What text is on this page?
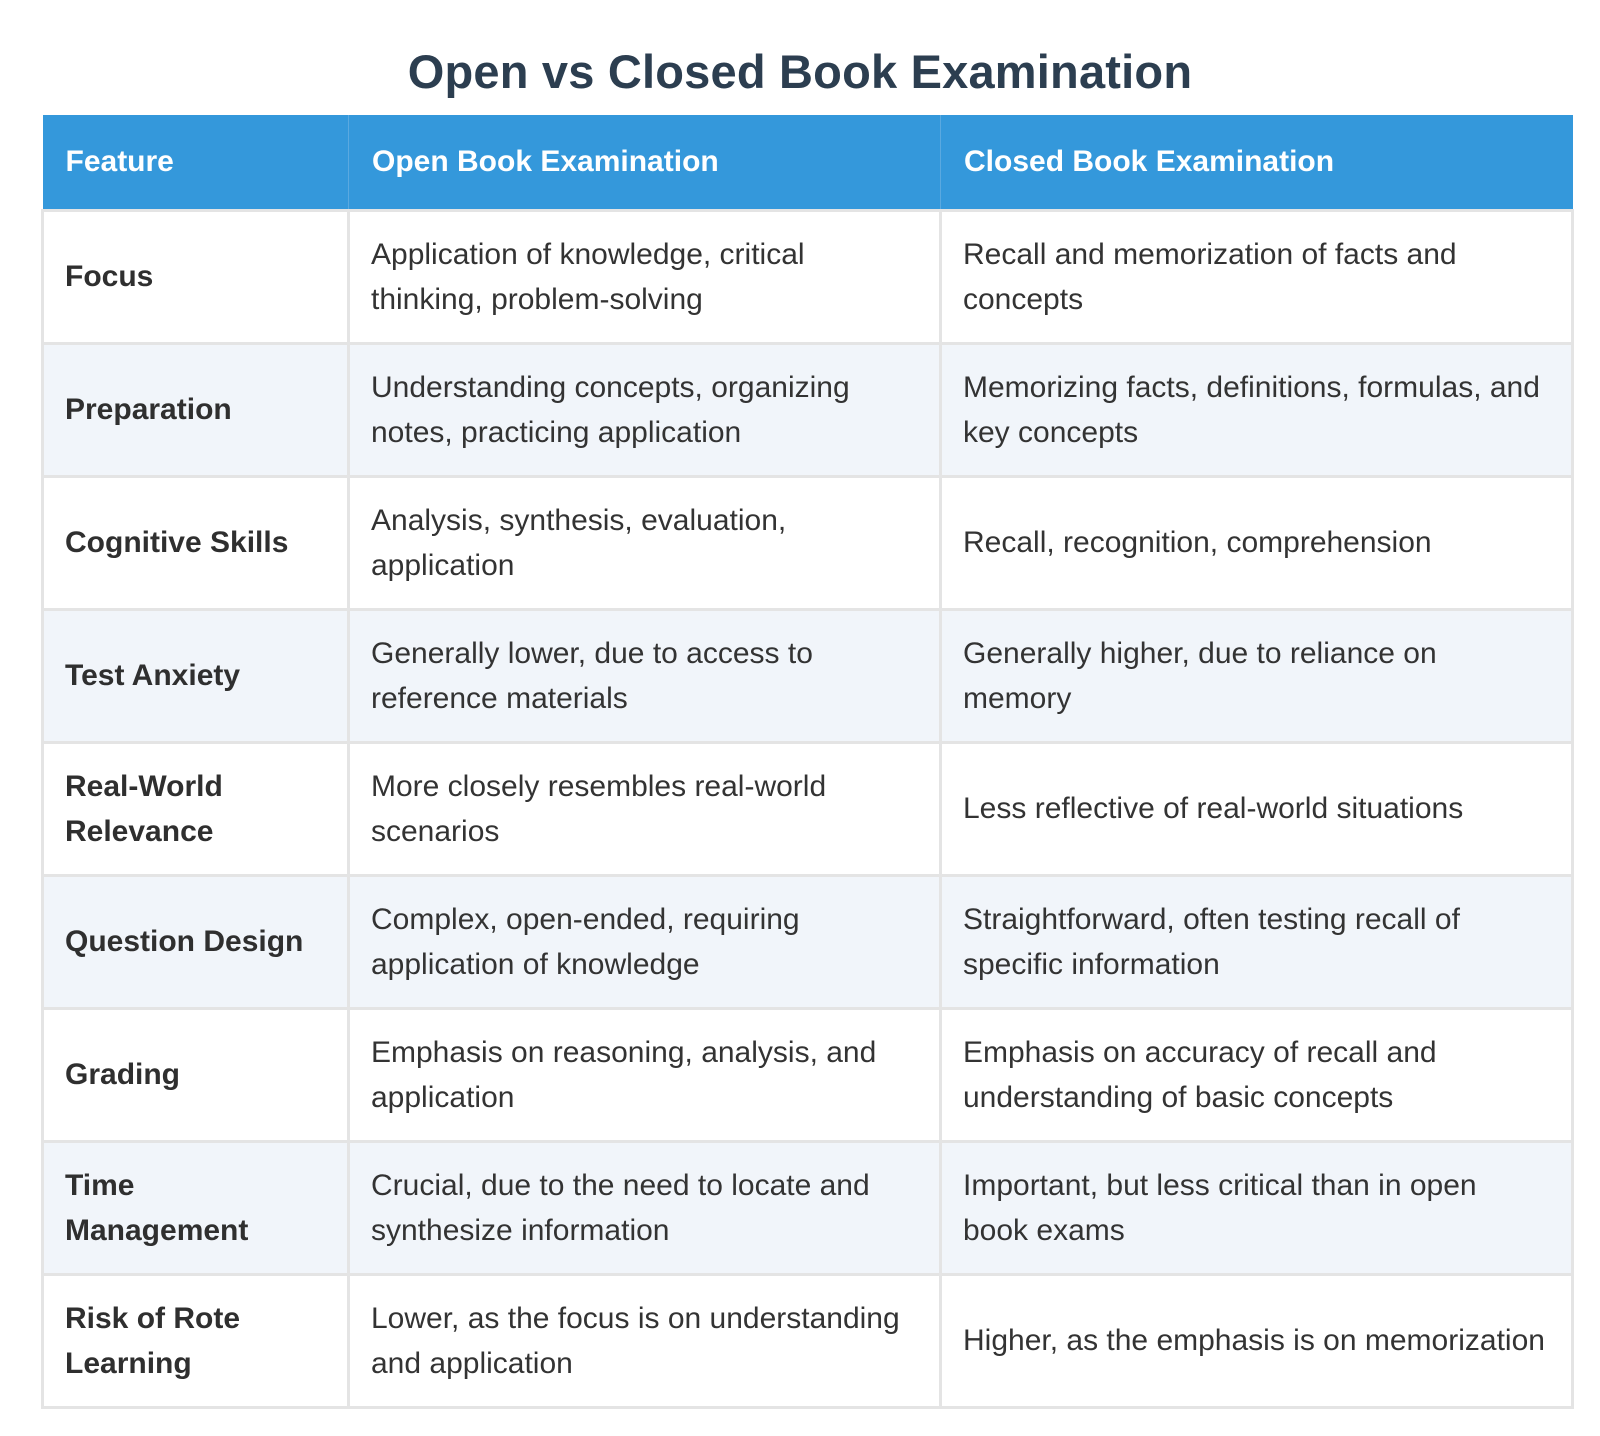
Open vs Closed Book Examination
Feature	Open Book Examination	Closed Book Examination
Focus	Application of knowledge, critical thinking, problem-solving	Recall and memorization of facts and concepts
Preparation	Understanding concepts, organizing notes, practicing application	Memorizing facts, definitions, formulas, and key concepts
Cognitive Skills	Analysis, synthesis, evaluation, application	Recall, recognition, comprehension
Test Anxiety	Generally lower, due to access to reference materials	Generally higher, due to reliance on memory
Real-World Relevance	More closely resembles real-world scenarios	Less reflective of real-world situations
Question Design	Complex, open-ended, requiring application of knowledge	Straightforward, often testing recall of specific information
Grading	Emphasis on reasoning, analysis, and application	Emphasis on accuracy of recall and understanding of basic concepts
Time Management	Crucial, due to the need to locate and synthesize information	Important, but less critical than in open book exams
Risk of Rote Learning	Lower, as the focus is on understanding and application	Higher, as the emphasis is on memorization
